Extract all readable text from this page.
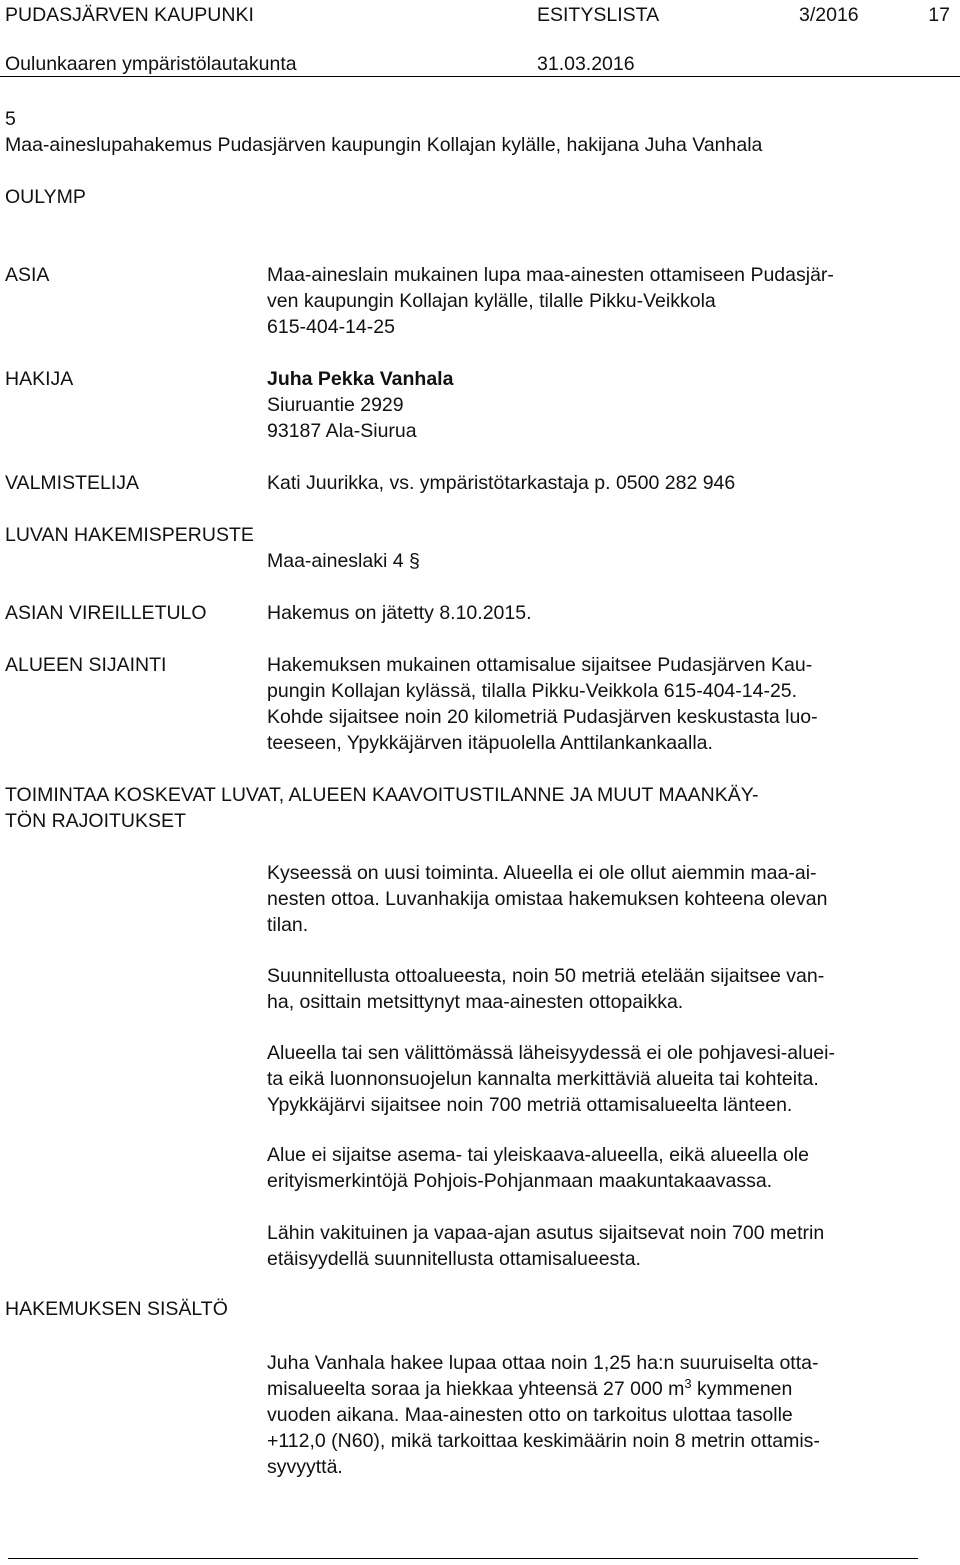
PUDASJÄRVEN KAUPUNKI	ESITYSLISTA	3/2016	17
Oulunkaaren ympäristölautakunta	31.03.2016
5
Maa-aineslupahakemus Pudasjärven kaupungin Kollajan kylälle, hakijana Juha Vanhala
OULYMP
ASIA	Maa-aineslain mukainen lupa maa-ainesten ottamiseen Pudasjär-

ven kaupungin Kollajan kylälle, tilalle Pikku-Veikkola

615-404-14-25

HAKIJA	Juha Pekka Vanhala

Siuruantie 2929

93187 Ala-Siurua

VALMISTELIJA	Kati Juurikka, vs. ympäristötarkastaja p. 0500 282 946
LUVAN HAKEMISPERUSTE
Maa-aineslaki 4 §
ASIAN VIREILLETULO	Hakemus on jätetty 8.10.2015.
ALUEEN SIJAINTI	Hakemuksen mukainen ottamisalue sijaitsee Pudasjärven Kau-

pungin Kollajan kylässä, tilalla Pikku-Veikkola 615-404-14-25.

Kohde sijaitsee noin 20 kilometriä Pudasjärven keskustasta luo-

teeseen, Ypykkäjärven itäpuolella Anttilankankaalla.

TOIMINTAA KOSKEVAT LUVAT, ALUEEN KAAVOITUSTILANNE JA MUUT MAANKÄY-
TÖN RAJOITUKSET

Kyseessä on uusi toiminta. Alueella ei ole ollut aiemmin maa-ai-

nesten ottoa. Luvanhakija omistaa hakemuksen kohteena olevan

tilan.

Suunnitellusta ottoalueesta, noin 50 metriä etelään sijaitsee van-

ha, osittain metsittynyt maa-ainesten ottopaikka.

Alueella tai sen välittömässä läheisyydessä ei ole pohjavesi-aluei-

ta eikä luonnonsuojelun kannalta merkittäviä alueita tai kohteita.

Ypykkäjärvi sijaitsee noin 700 metriä ottamisalueelta länteen.

Alue ei sijaitse asema- tai yleiskaava-alueella, eikä alueella ole

erityismerkintöjä Pohjois-Pohjanmaan maakuntakaavassa.

Lähin vakituinen ja vapaa-ajan asutus sijaitsevat noin 700 metrin

etäisyydellä suunnitellusta ottamisalueesta.

HAKEMUKSEN SISÄLTÖ

Juha Vanhala hakee lupaa ottaa noin 1,25 ha:n suuruiselta otta-

misalueelta soraa ja hiekkaa yhteensä 27 000 $m^3$ kymmenen

vuoden aikana. Maa-ainesten otto on tarkoitus ulottaa tasolle

+112,0 (N60), mikä tarkoittaa keskimäärin noin 8 metrin ottamis-

syvyyttä.
